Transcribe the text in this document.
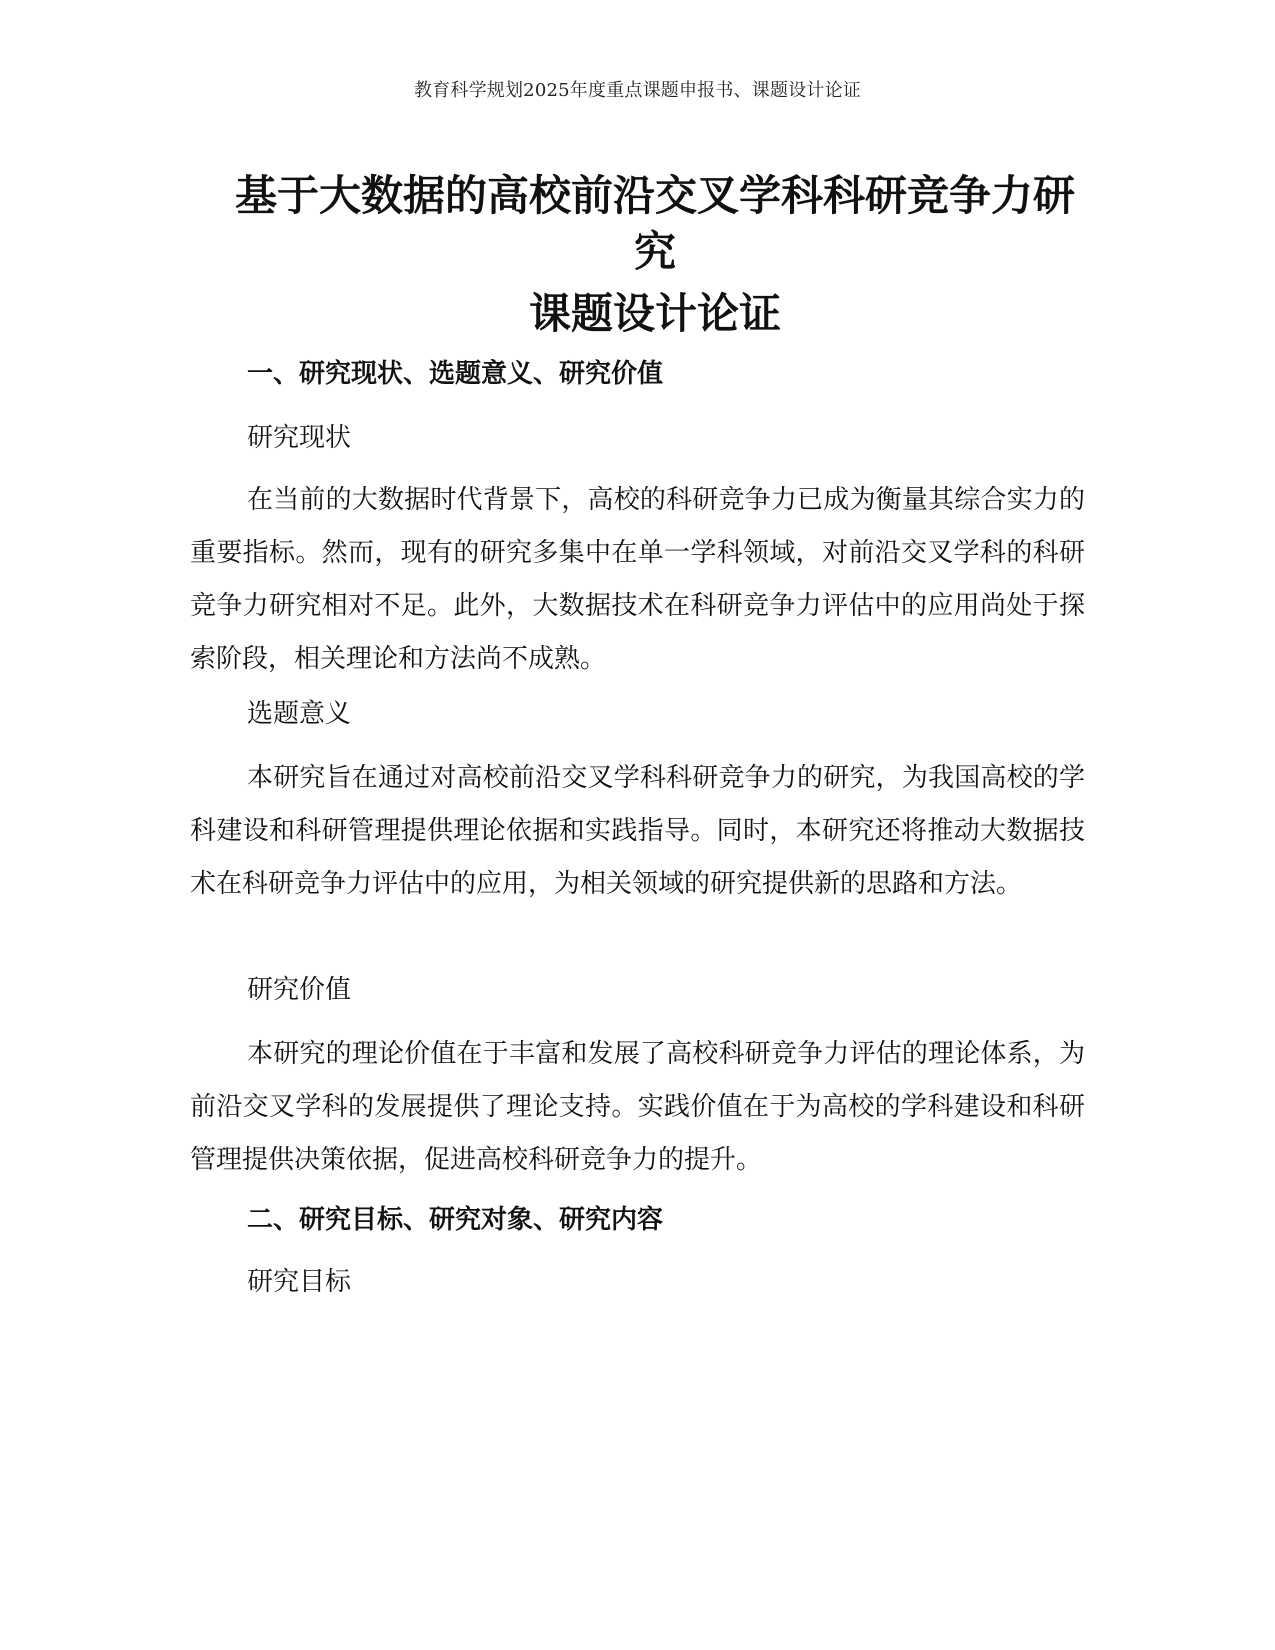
教育科学规划2025年度重点课题申报书、课题设计论证
基于大数据的高校前沿交叉学科科研竞争力研究
课题设计论证

一、研究现状、选题意义、研究价值

研究现状

在当前的大数据时代背景下，高校的科研竞争力已成为衡量其综合实力的重要指标。然而，现有的研究多集中在单一学科领域，对前沿交叉学科的科研竞争力研究相对不足。此外，大数据技术在科研竞争力评估中的应用尚处于探索阶段，相关理论和方法尚不成熟。

选题意义

本研究旨在通过对高校前沿交叉学科科研竞争力的研究，为我国高校的学科建设和科研管理提供理论依据和实践指导。同时，本研究还将推动大数据技术在科研竞争力评估中的应用，为相关领域的研究提供新的思路和方法。

研究价值

本研究的理论价值在于丰富和发展了高校科研竞争力评估的理论体系，为前沿交叉学科的发展提供了理论支持。实践价值在于为高校的学科建设和科研管理提供决策依据，促进高校科研竞争力的提升。

二、研究目标、研究对象、研究内容

研究目标
